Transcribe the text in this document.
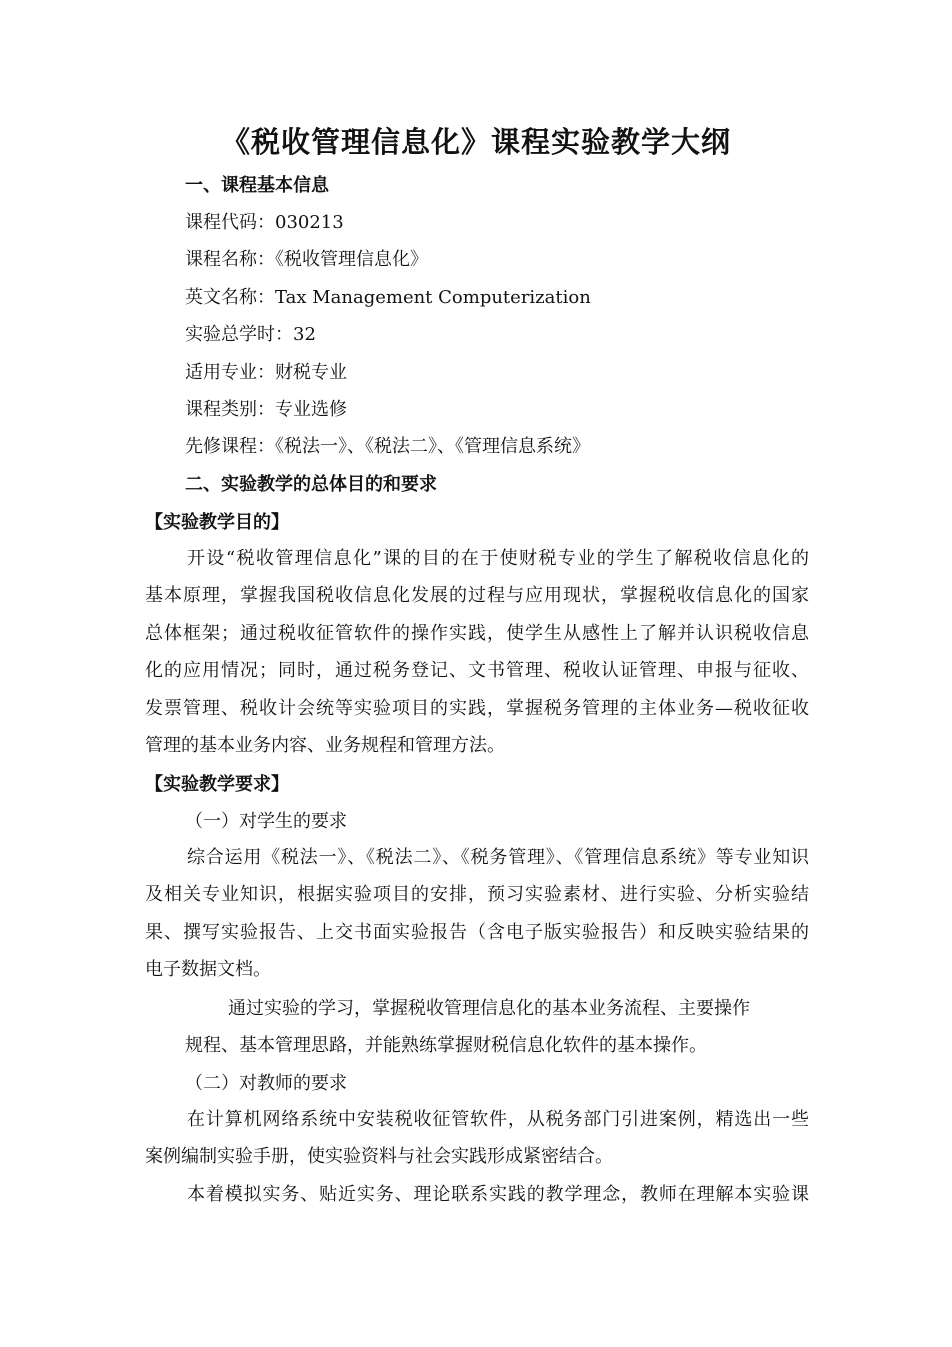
《税收管理信息化》课程实验教学大纲
一、课程基本信息
课程代码：030213
课程名称：《税收管理信息化》
英文名称：Tax Management Computerization
实验总学时：32
适用专业：财税专业
课程类别：专业选修
先修课程：《税法一》、《税法二》、《管理信息系统》
二、实验教学的总体目的和要求
【实验教学目的】
开设“税收管理信息化”课的目的在于使财税专业的学生了解税收信息化的
基本原理，掌握我国税收信息化发展的过程与应用现状，掌握税收信息化的国家
总体框架；通过税收征管软件的操作实践，使学生从感性上了解并认识税收信息
化的应用情况；同时，通过税务登记、文书管理、税收认证管理、申报与征收、
发票管理、税收计会统等实验项目的实践，掌握税务管理的主体业务—税收征收
管理的基本业务内容、业务规程和管理方法。
【实验教学要求】
（一）对学生的要求
综合运用《税法一》、《税法二》、《税务管理》、《管理信息系统》等专业知识
及相关专业知识，根据实验项目的安排，预习实验素材、进行实验、分析实验结
果、撰写实验报告、上交书面实验报告（含电子版实验报告）和反映实验结果的
电子数据文档。
通过实验的学习，掌握税收管理信息化的基本业务流程、主要操作
规程、基本管理思路，并能熟练掌握财税信息化软件的基本操作。
（二）对教师的要求
在计算机网络系统中安装税收征管软件，从税务部门引进案例，精选出一些
案例编制实验手册，使实验资料与社会实践形成紧密结合。
本着模拟实务、贴近实务、理论联系实践的教学理念，教师在理解本实验课
